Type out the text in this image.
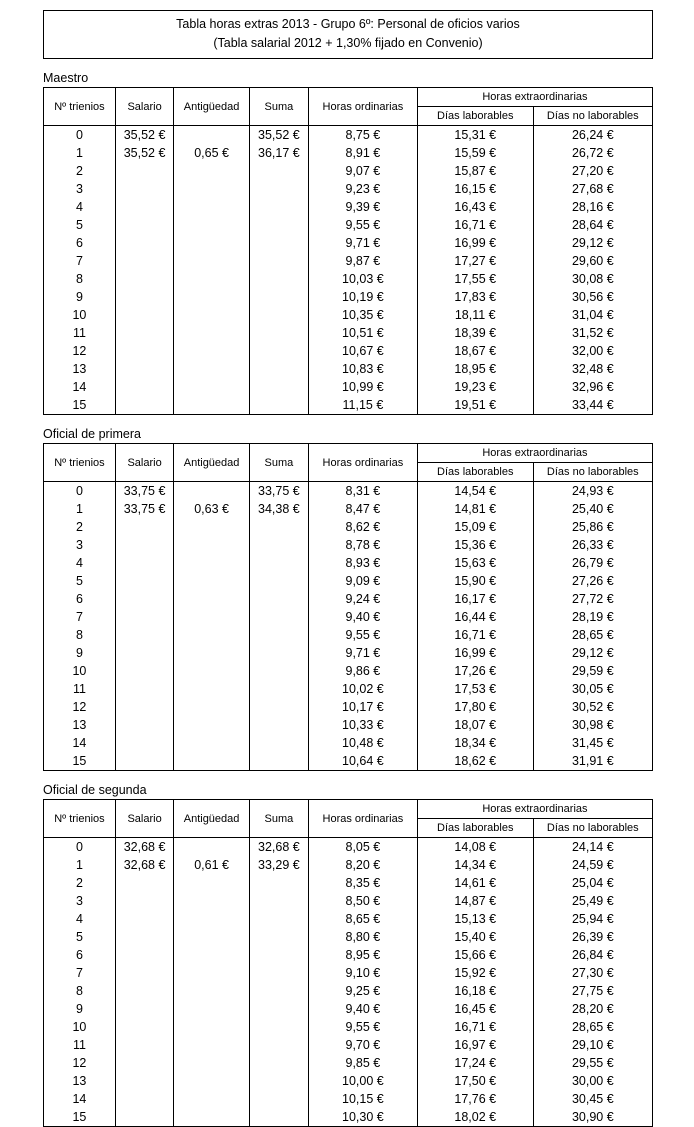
Tabla horas extras 2013 - Grupo 6º: Personal de oficios varios
(Tabla salarial 2012 + 1,30% fijado en Convenio)
Maestro
Nº trienios	Salario	Antigüedad	Suma	Horas ordinarias	Horas extraordinarias	
					Días laborables	Días no laborables
0	35,52 €		35,52 €	8,75 €	15,31 €	26,24 €
1	35,52 €	0,65 €	36,17 €	8,91 €	15,59 €	26,72 €
2				9,07 €	15,87 €	27,20 €
3				9,23 €	16,15 €	27,68 €
4				9,39 €	16,43 €	28,16 €
5				9,55 €	16,71 €	28,64 €
6				9,71 €	16,99 €	29,12 €
7				9,87 €	17,27 €	29,60 €
8				10,03 €	17,55 €	30,08 €
9				10,19 €	17,83 €	30,56 €
10				10,35 €	18,11 €	31,04 €
11				10,51 €	18,39 €	31,52 €
12				10,67 €	18,67 €	32,00 €
13				10,83 €	18,95 €	32,48 €
14				10,99 €	19,23 €	32,96 €
15				11,15 €	19,51 €	33,44 €
Oficial de primera
Nº trienios	Salario	Antigüedad	Suma	Horas ordinarias	Horas extraordinarias	
					Días laborables	Días no laborables
0	33,75 €		33,75 €	8,31 €	14,54 €	24,93 €
1	33,75 €	0,63 €	34,38 €	8,47 €	14,81 €	25,40 €
2				8,62 €	15,09 €	25,86 €
3				8,78 €	15,36 €	26,33 €
4				8,93 €	15,63 €	26,79 €
5				9,09 €	15,90 €	27,26 €
6				9,24 €	16,17 €	27,72 €
7				9,40 €	16,44 €	28,19 €
8				9,55 €	16,71 €	28,65 €
9				9,71 €	16,99 €	29,12 €
10				9,86 €	17,26 €	29,59 €
11				10,02 €	17,53 €	30,05 €
12				10,17 €	17,80 €	30,52 €
13				10,33 €	18,07 €	30,98 €
14				10,48 €	18,34 €	31,45 €
15				10,64 €	18,62 €	31,91 €
Oficial de segunda
Nº trienios	Salario	Antigüedad	Suma	Horas ordinarias	Horas extraordinarias	
					Días laborables	Días no laborables
0	32,68 €		32,68 €	8,05 €	14,08 €	24,14 €
1	32,68 €	0,61 €	33,29 €	8,20 €	14,34 €	24,59 €
2				8,35 €	14,61 €	25,04 €
3				8,50 €	14,87 €	25,49 €
4				8,65 €	15,13 €	25,94 €
5				8,80 €	15,40 €	26,39 €
6				8,95 €	15,66 €	26,84 €
7				9,10 €	15,92 €	27,30 €
8				9,25 €	16,18 €	27,75 €
9				9,40 €	16,45 €	28,20 €
10				9,55 €	16,71 €	28,65 €
11				9,70 €	16,97 €	29,10 €
12				9,85 €	17,24 €	29,55 €
13				10,00 €	17,50 €	30,00 €
14				10,15 €	17,76 €	30,45 €
15				10,30 €	18,02 €	30,90 €
